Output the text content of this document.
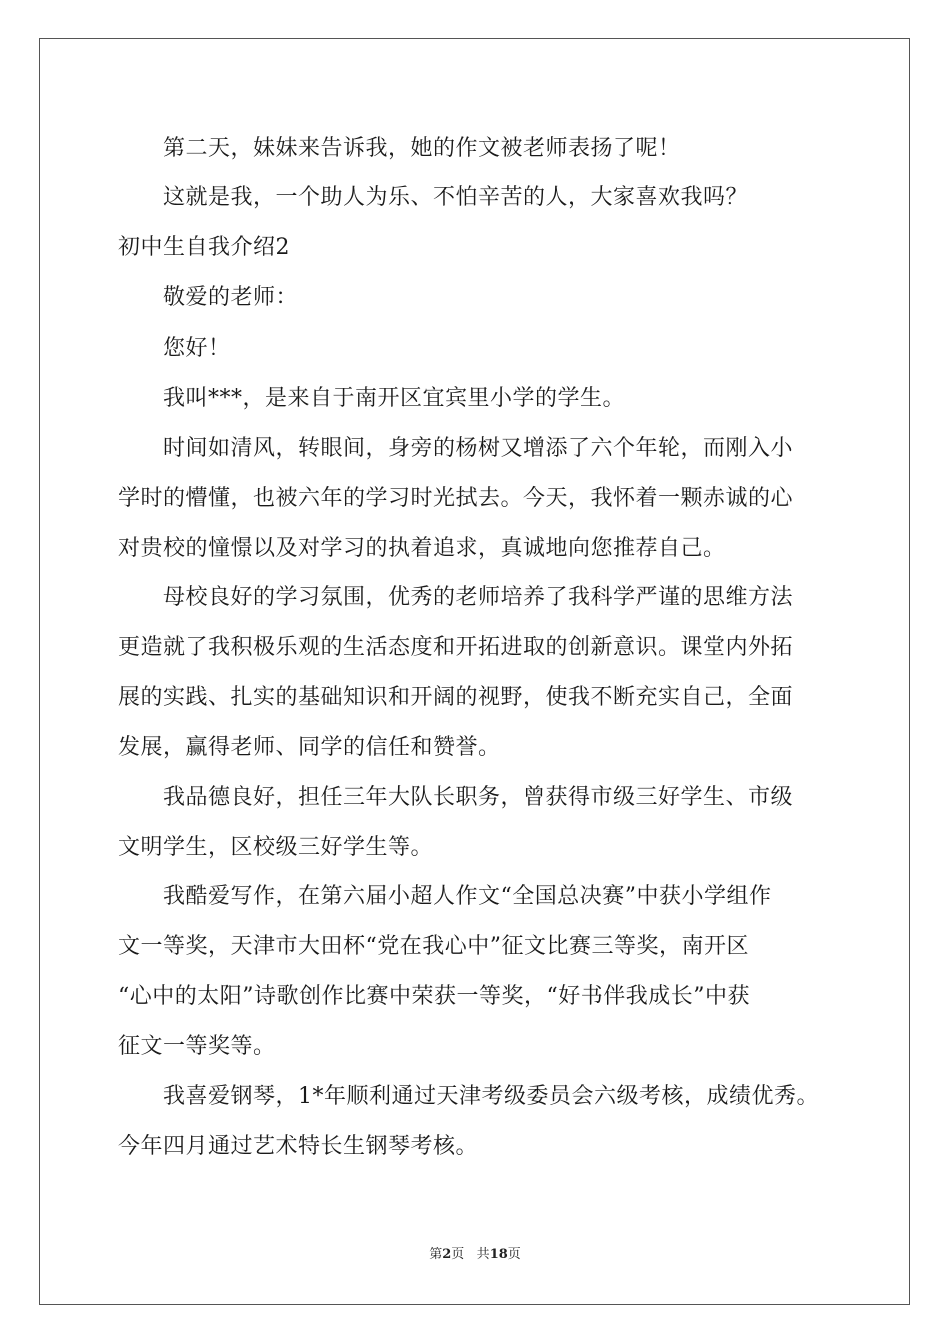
第二天，妹妹来告诉我，她的作文被老师表扬了呢！
这就是我，一个助人为乐、不怕辛苦的人，大家喜欢我吗？
初中生自我介绍2
敬爱的老师：
您好！
我叫***，是来自于南开区宜宾里小学的学生。
时间如清风，转眼间，身旁的杨树又增添了六个年轮，而刚入小
学时的懵懂，也被六年的学习时光拭去。今天，我怀着一颗赤诚的心
对贵校的憧憬以及对学习的执着追求，真诚地向您推荐自己。
母校良好的学习氛围，优秀的老师培养了我科学严谨的思维方法
更造就了我积极乐观的生活态度和开拓进取的创新意识。课堂内外拓
展的实践、扎实的基础知识和开阔的视野，使我不断充实自己，全面
发展，赢得老师、同学的信任和赞誉。
我品德良好，担任三年大队长职务，曾获得市级三好学生、市级
文明学生，区校级三好学生等。
我酷爱写作，在第六届小超人作文“全国总决赛”中获小学组作
文一等奖，天津市大田杯“党在我心中”征文比赛三等奖，南开区
“心中的太阳”诗歌创作比赛中荣获一等奖，“好书伴我成长”中获
征文一等奖等。
我喜爱钢琴，1*年顺利通过天津考级委员会六级考核，成绩优秀。
今年四月通过艺术特长生钢琴考核。
第2页 共18页
